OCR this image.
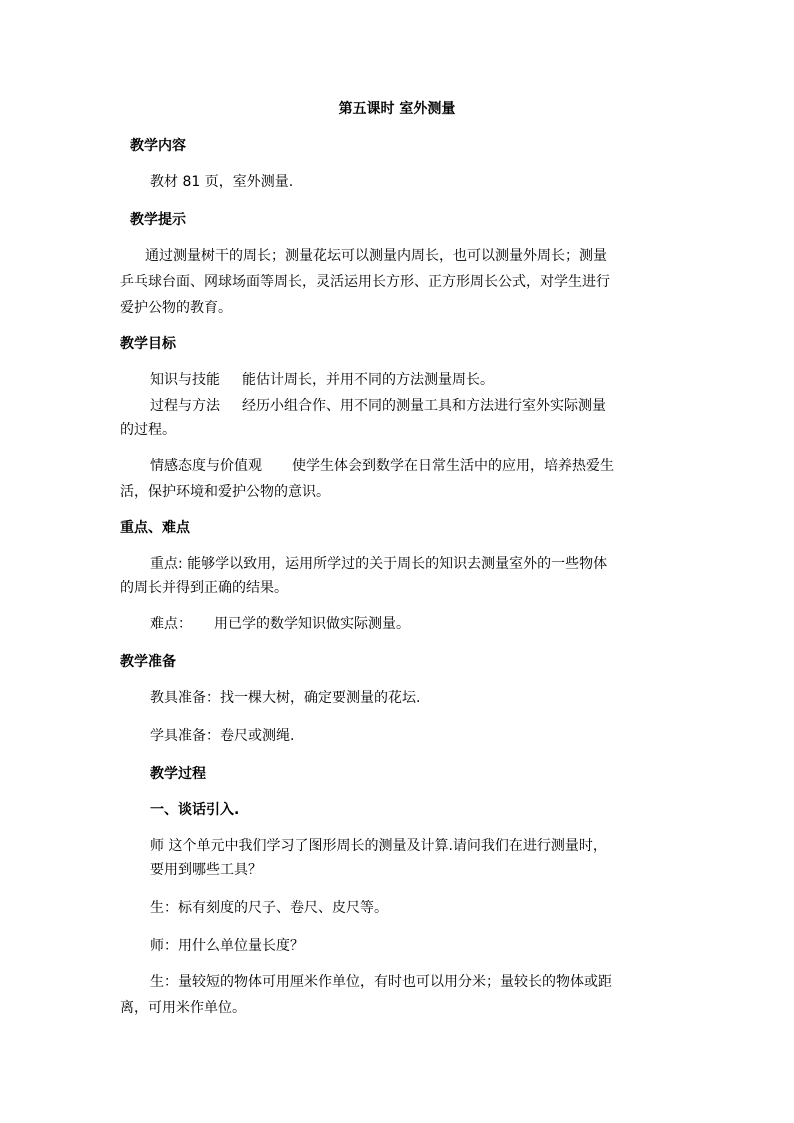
第五课时 室外测量
教学内容
教材 81 页，室外测量.
教学提示
通过测量树干的周长；测量花坛可以测量内周长，也可以测量外周长；测量
乒乓球台面、网球场面等周长，灵活运用长方形、正方形周长公式，对学生进行
爱护公物的教育。
教学目标
知识与技能 能估计周长，并用不同的方法测量周长。
过程与方法 经历小组合作、用不同的测量工具和方法进行室外实际测量
的过程。
情感态度与价值观 使学生体会到数学在日常生活中的应用，培养热爱生
活，保护环境和爱护公物的意识。
重点、难点
重点: 能够学以致用，运用所学过的关于周长的知识去测量室外的一些物体
的周长并得到正确的结果。
难点： 用已学的数学知识做实际测量。
教学准备
教具准备：找一棵大树，确定要测量的花坛.
学具准备：卷尺或测绳.
教学过程
一、谈话引入.
师 这个单元中我们学习了图形周长的测量及计算.请问我们在进行测量时，
要用到哪些工具？
生：标有刻度的尺子、卷尺、皮尺等。
师：用什么单位量长度？
生：量较短的物体可用厘米作单位，有时也可以用分米；量较长的物体或距
离，可用米作单位。
